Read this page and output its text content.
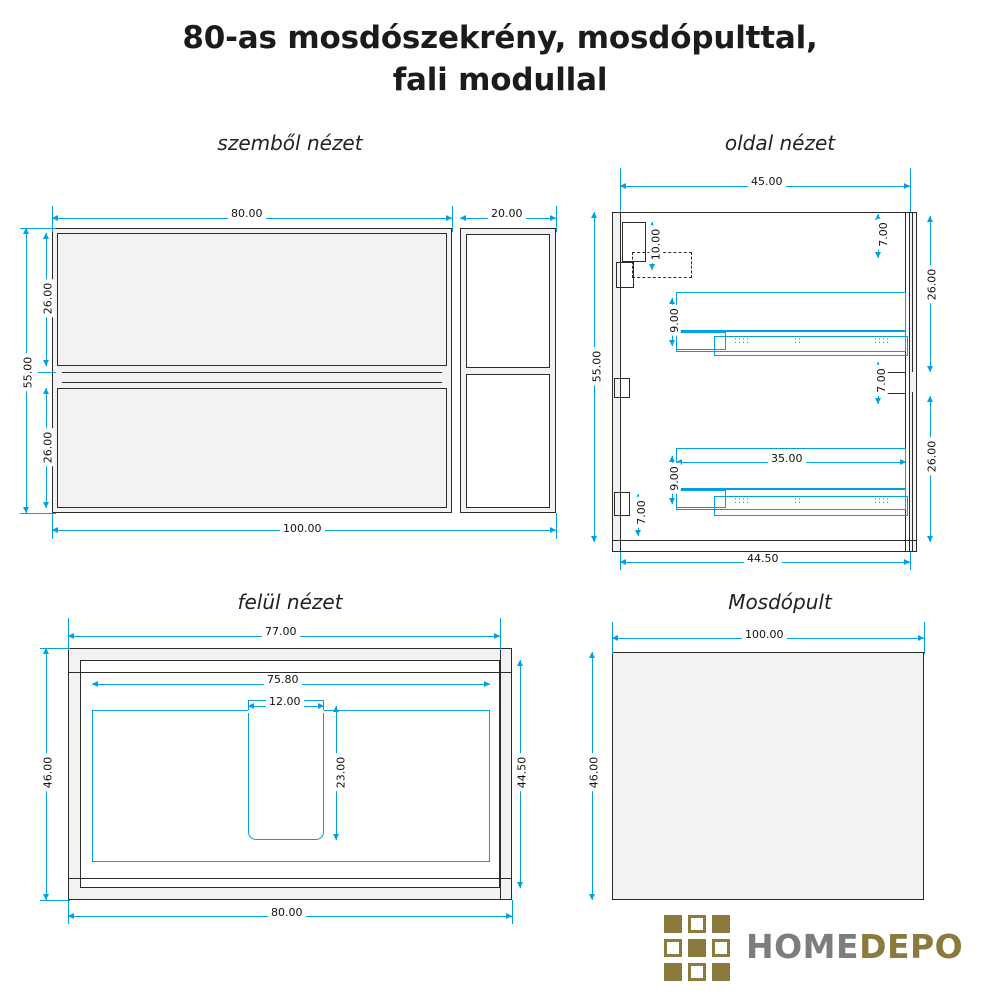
80-as mosdószekrény, mosdópulttal,
fali modullal
szemből nézet	oldal nézet
felül nézet	Mosdópult
80.00	20.00
100.00
26.00
26.00
55.00
::::	::	::::
::::	::	::::
45.00
10.00	7.00
9.00
7.00
26.00
26.00
55.00
35.00
7.00
9.00
44.50
77.00
75.80
12.00
23.00
46.00	44.50
80.00
100.00
46.00
HOMEDEPO
